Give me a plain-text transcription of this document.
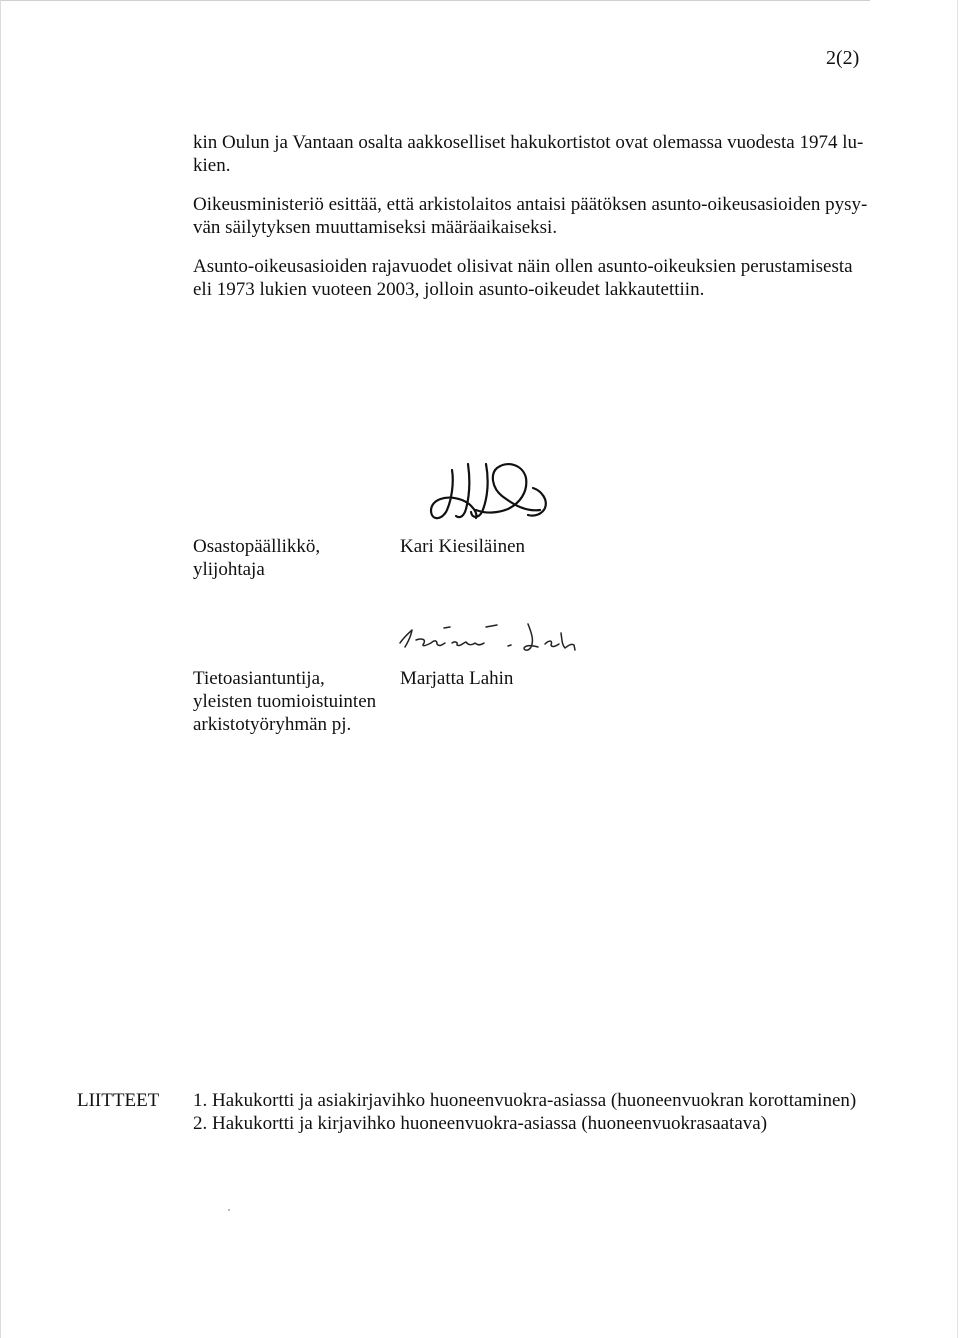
2(2)
kin Oulun ja Vantaan osalta aakkoselliset hakukortistot ovat olemassa vuodesta 1974 lu-
kien.
Oikeusministeriö esittää, että arkistolaitos antaisi päätöksen asunto-oikeusasioiden pysy-
vän säilytyksen muuttamiseksi määräaikaiseksi.
Asunto-oikeusasioiden rajavuodet olisivat näin ollen asunto-oikeuksien perustamisesta
eli 1973 lukien vuoteen 2003, jolloin asunto-oikeudet lakkautettiin.
Osastopäällikkö,
ylijohtaja
Kari Kiesiläinen
Tietoasiantuntija,
yleisten tuomioistuinten
arkistotyöryhmän pj.
Marjatta Lahin
LIITTEET 1. Hakukortti ja asiakirjavihko huoneenvuokra-asiassa (huoneenvuokran korottaminen)
2. Hakukortti ja kirjavihko huoneenvuokra-asiassa (huoneenvuokrasaatava)
